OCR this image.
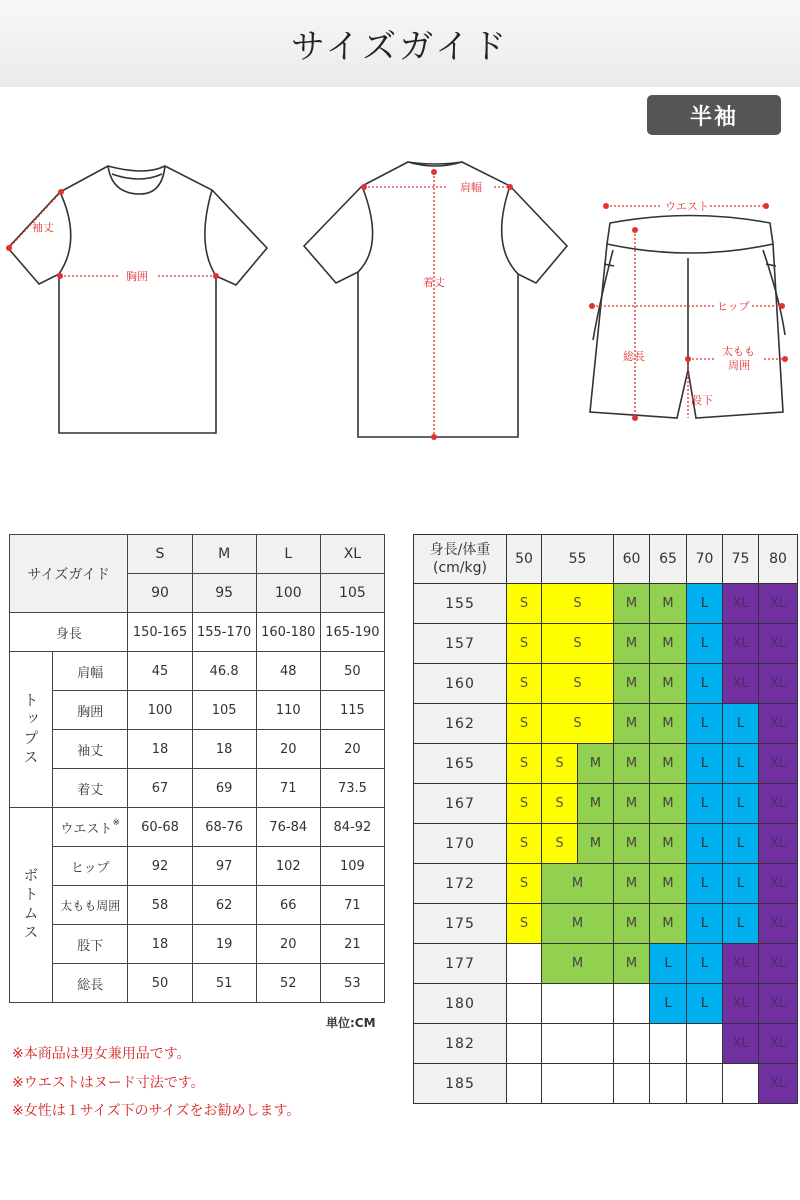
サイズガイド
半袖
袖丈
胸囲
肩幅
着丈
ウエスト
ヒップ
総長	太もも
周囲
股下
サイズガイド		S	M	L	XL
		90	95	100	105
身長		150-165	155-170	160-180	165-190
トップス	肩幅	45	46.8	48	50
	胸囲	100	105	110	115
	袖丈	18	18	20	20
	着丈	67	69	71	73.5
ボトムス	ウエスト※	60-68	68-76	76-84	84-92
	ヒップ	92	97	102	109
	太もも周囲	58	62	66	71
	股下	18	19	20	21
	総長	50	51	52	53
単位:CM
※本商品は男女兼用品です。
※ウエストはヌード寸法です。
※女性は１サイズ下のサイズをお勧めします。
身長/体重
(cm/kg)	50	55		60	65	70	75	80
155	S	S		M	M	L	XL	XL
157	S	S		M	M	L	XL	XL
160	S	S		M	M	L	XL	XL
162	S	S		M	M	L	L	XL
165	S	S	M	M	M	L	L	XL
167	S	S	M	M	M	L	L	XL
170	S	S	M	M	M	L	L	XL
172	S	M		M	M	L	L	XL
175	S	M		M	M	L	L	XL
177		M		M	L	L	XL	XL
180					L	L	XL	XL
182							XL	XL
185								XL
